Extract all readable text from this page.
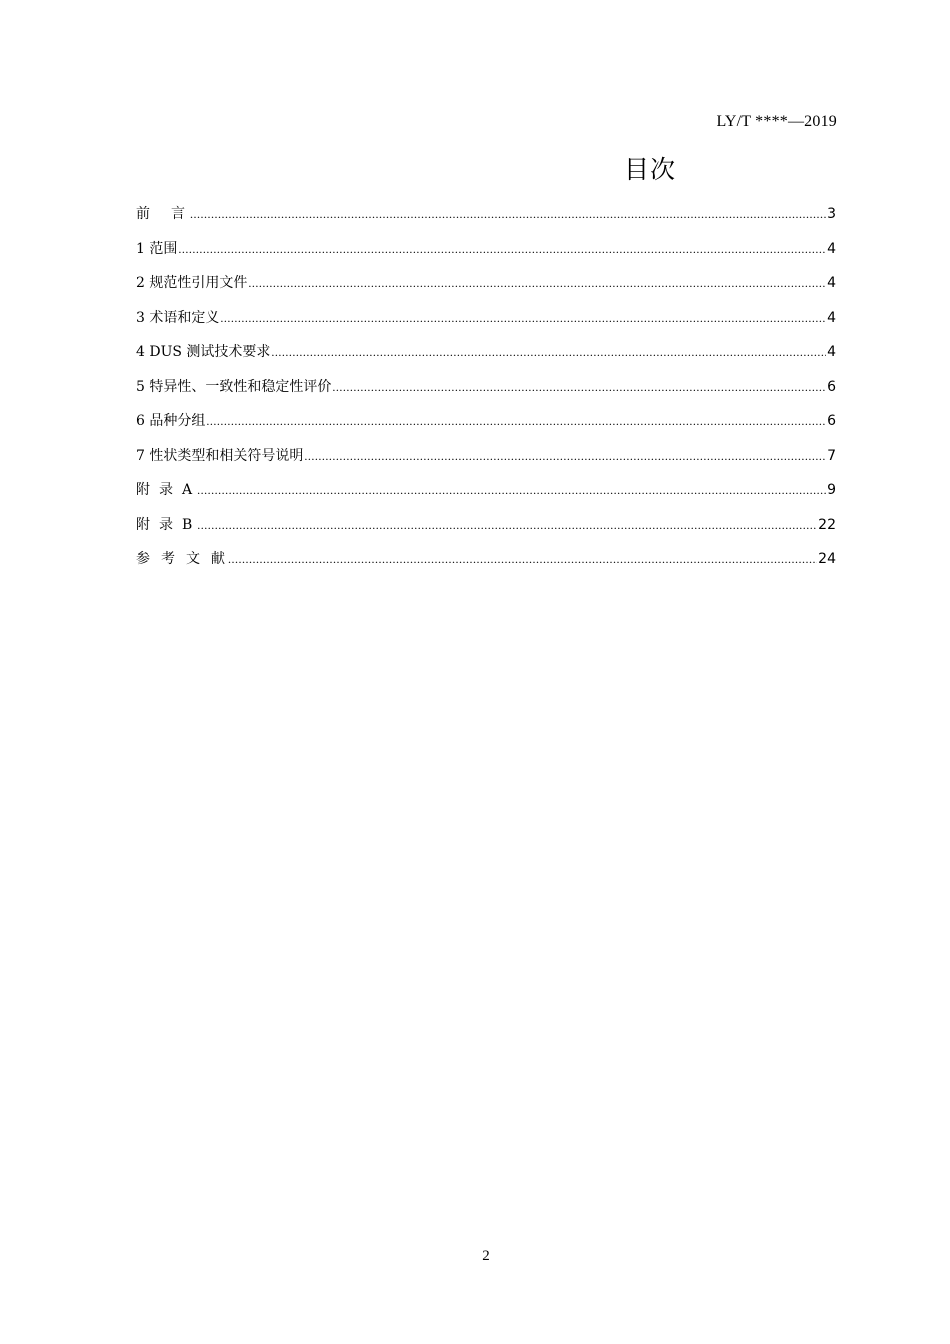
LY/T ****—2019
目次
前言 .....	3
1 范围 .....	4
2 规范性引用文件 .....	4
3 术语和定义 .....	4
4 DUS 测试技术要求 .....	4
5 特异性、一致性和稳定性评价 .....	6
6 品种分组 .....	6
7 性状类型和相关符号说明 .....	7
附录A .....	9
附录B .....	22
参考文献 .....	24
2
